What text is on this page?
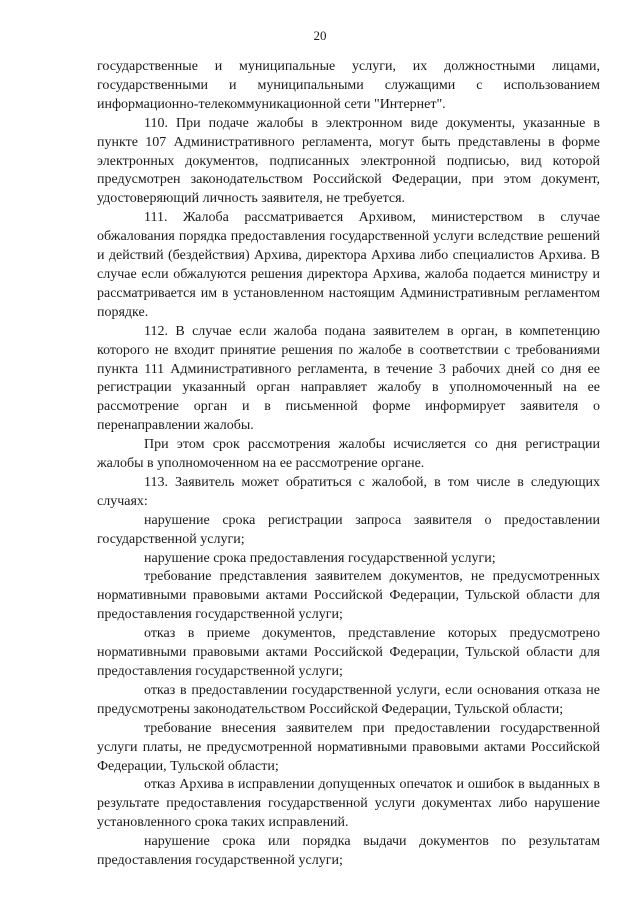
20

государственные и муниципальные услуги, их должностными лицами, государственными и муниципальными служащими с использованием информационно-телекоммуникационной сети "Интернет".

110. При подаче жалобы в электронном виде документы, указанные в пункте 107 Административного регламента, могут быть представлены в форме электронных документов, подписанных электронной подписью, вид которой предусмотрен законодательством Российской Федерации, при этом документ, удостоверяющий личность заявителя, не требуется.

111. Жалоба рассматривается Архивом, министерством в случае обжалования порядка предоставления государственной услуги вследствие решений и действий (бездействия) Архива, директора Архива либо специалистов Архива. В случае если обжалуются решения директора Архива, жалоба подается министру и рассматривается им в установленном настоящим Административным регламентом порядке.

112. В случае если жалоба подана заявителем в орган, в компетенцию которого не входит принятие решения по жалобе в соответствии с требованиями пункта 111 Административного регламента, в течение 3 рабочих дней со дня ее регистрации указанный орган направляет жалобу в уполномоченный на ее рассмотрение орган и в письменной форме информирует заявителя о перенаправлении жалобы.

При этом срок рассмотрения жалобы исчисляется со дня регистрации жалобы в уполномоченном на ее рассмотрение органе.

113. Заявитель может обратиться с жалобой, в том числе в следующих случаях:

нарушение срока регистрации запроса заявителя о предоставлении государственной услуги;

нарушение срока предоставления государственной услуги;

требование представления заявителем документов, не предусмотренных нормативными правовыми актами Российской Федерации, Тульской области для предоставления государственной услуги;

отказ в приеме документов, представление которых предусмотрено нормативными правовыми актами Российской Федерации, Тульской области для предоставления государственной услуги;

отказ в предоставлении государственной услуги, если основания отказа не предусмотрены законодательством Российской Федерации, Тульской области;

требование внесения заявителем при предоставлении государственной услуги платы, не предусмотренной нормативными правовыми актами Российской Федерации, Тульской области;

отказ Архива в исправлении допущенных опечаток и ошибок в выданных в результате предоставления государственной услуги документах либо нарушение установленного срока таких исправлений.

нарушение срока или порядка выдачи документов по результатам предоставления государственной услуги;
